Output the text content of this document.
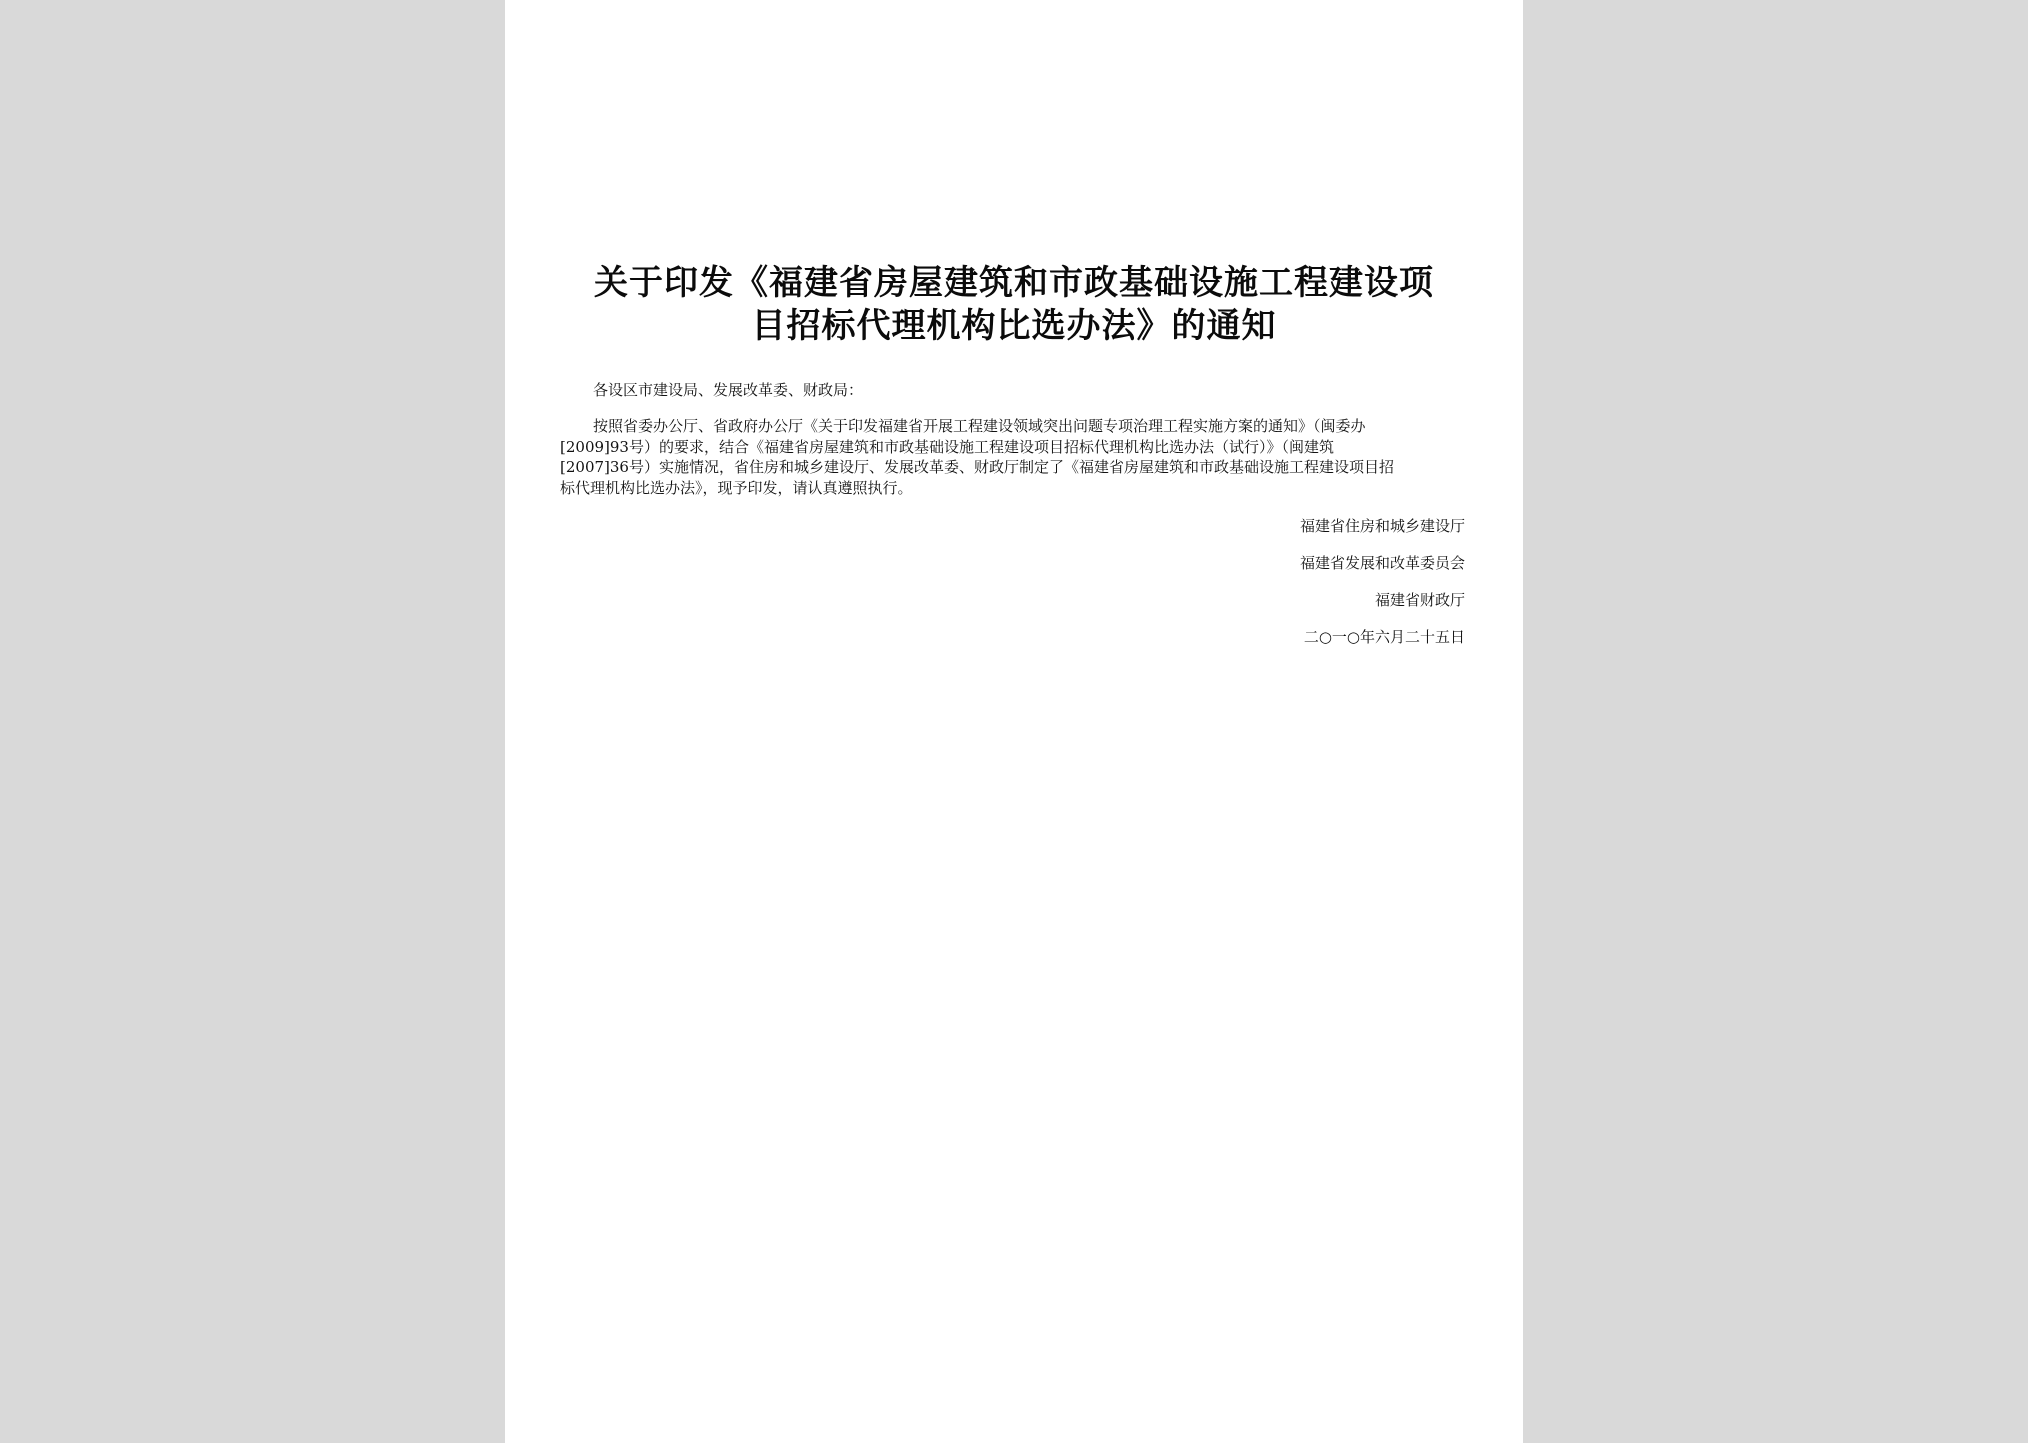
关于印发《福建省房屋建筑和市政基础设施工程建设项
目招标代理机构比选办法》的通知
各设区市建设局、发展改革委、财政局：
按照省委办公厅、省政府办公厅《关于印发福建省开展工程建设领域突出问题专项治理工程实施方案的通知》（闽委办
[2009]93号）的要求，结合《福建省房屋建筑和市政基础设施工程建设项目招标代理机构比选办法（试行）》（闽建筑
[2007]36号）实施情况，省住房和城乡建设厅、发展改革委、财政厅制定了《福建省房屋建筑和市政基础设施工程建设项目招
标代理机构比选办法》，现予印发，请认真遵照执行。
福建省住房和城乡建设厅
福建省发展和改革委员会
福建省财政厅
二○一○年六月二十五日
